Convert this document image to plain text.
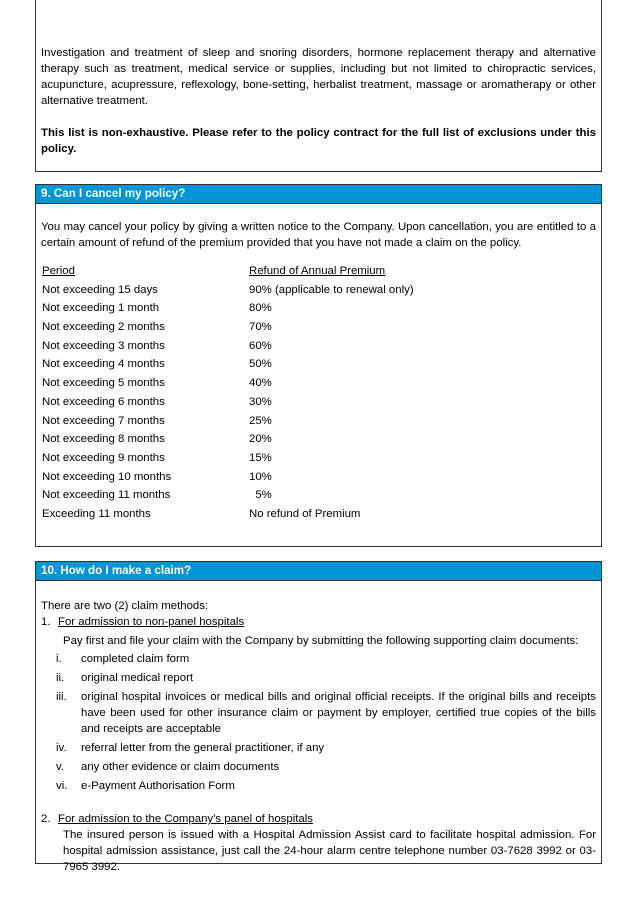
Investigation and treatment of sleep and snoring disorders, hormone replacement therapy and alternative therapy such as treatment, medical service or supplies, including but not limited to chiropractic services, acupuncture, acupressure, reflexology, bone-setting, herbalist treatment, massage or aromatherapy or other alternative treatment.

This list is non-exhaustive. Please refer to the policy contract for the full list of exclusions under this policy.

9. Can I cancel my policy?

You may cancel your policy by giving a written notice to the Company. Upon cancellation, you are entitled to a certain amount of refund of the premium provided that you have not made a claim on the policy.

Period	Refund of Annual Premium
Not exceeding 15 days	90% (applicable to renewal only)
Not exceeding 1 month	80%
Not exceeding 2 months	70%
Not exceeding 3 months	60%
Not exceeding 4 months	50%
Not exceeding 5 months	40%
Not exceeding 6 months	30%
Not exceeding 7 months	25%
Not exceeding 8 months	20%
Not exceeding 9 months	15%
Not exceeding 10 months	10%
Not exceeding 11 months	5%
Exceeding 11 months	No refund of Premium
10. How do I make a claim?

There are two (2) claim methods:

1. For admission to non-panel hospitals
Pay first and file your claim with the Company by submitting the following supporting claim documents:
i.	completed claim form
ii.	original medical report
iii.	original hospital invoices or medical bills and original official receipts. If the original bills and receipts have been used for other insurance claim or payment by employer, certified true copies of the bills and receipts are acceptable
iv.	referral letter from the general practitioner, if any
v.	any other evidence or claim documents
vi.	e-Payment Authorisation Form
2. For admission to the Company’s panel of hospitals
The insured person is issued with a Hospital Admission Assist card to facilitate hospital admission. For hospital admission assistance, just call the 24-hour alarm centre telephone number 03-7628 3992 or 03-7965 3992.
